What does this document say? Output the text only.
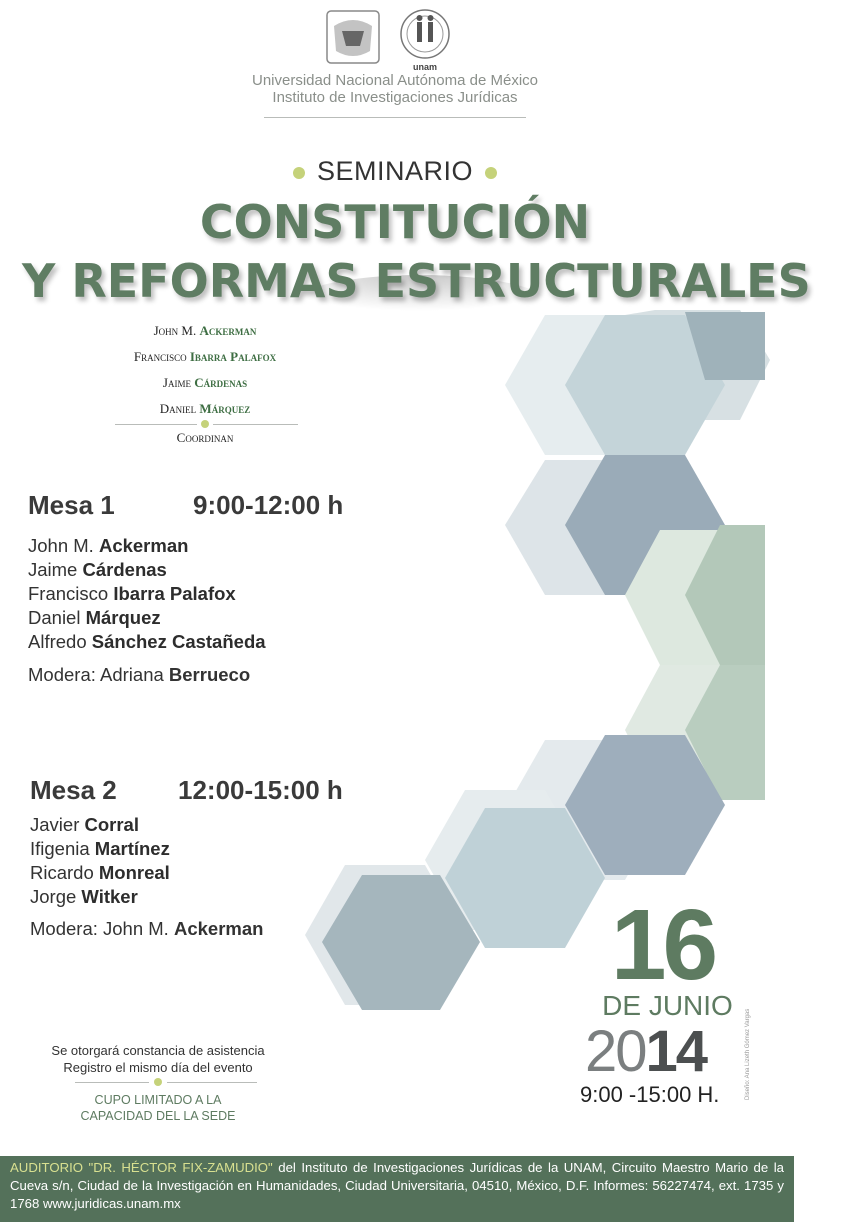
unam
Universidad Nacional Autónoma de México
Instituto de Investigaciones Jurídicas
SEMINARIO
CONSTITUCIÓN
Y REFORMAS ESTRUCTURALES
John M. Ackerman
Francisco Ibarra Palafox
Jaime Cárdenas
Daniel Márquez
Coordinan
Mesa 1	9:00-12:00 h
John M. Ackerman
Jaime Cárdenas
Francisco Ibarra Palafox
Daniel Márquez
Alfredo Sánchez Castañeda
Modera: Adriana Berrueco
Mesa 2 12:00-15:00 h
Javier Corral
Ifigenia Martínez
Ricardo Monreal
Jorge Witker
Modera: John M. Ackerman	16
DE JUNIO
2014
9:00 -15:00 H.	Diseño: Ana Lizeth Gómez Vargas
Se otorgará constancia de asistencia
Registro el mismo día del evento
CUPO LIMITADO A LA
CAPACIDAD DEL LA SEDE
AUDITORIO "DR. HÉCTOR FIX-ZAMUDIO" del Instituto de Investigaciones Jurídicas de la UNAM, Circuito Maestro Mario de la Cueva s/n, Ciudad de la Investigación en Humanidades, Ciudad Universitaria, 04510, México, D.F. Informes: 56227474, ext. 1735 y 1768 www.juridicas.unam.mx
